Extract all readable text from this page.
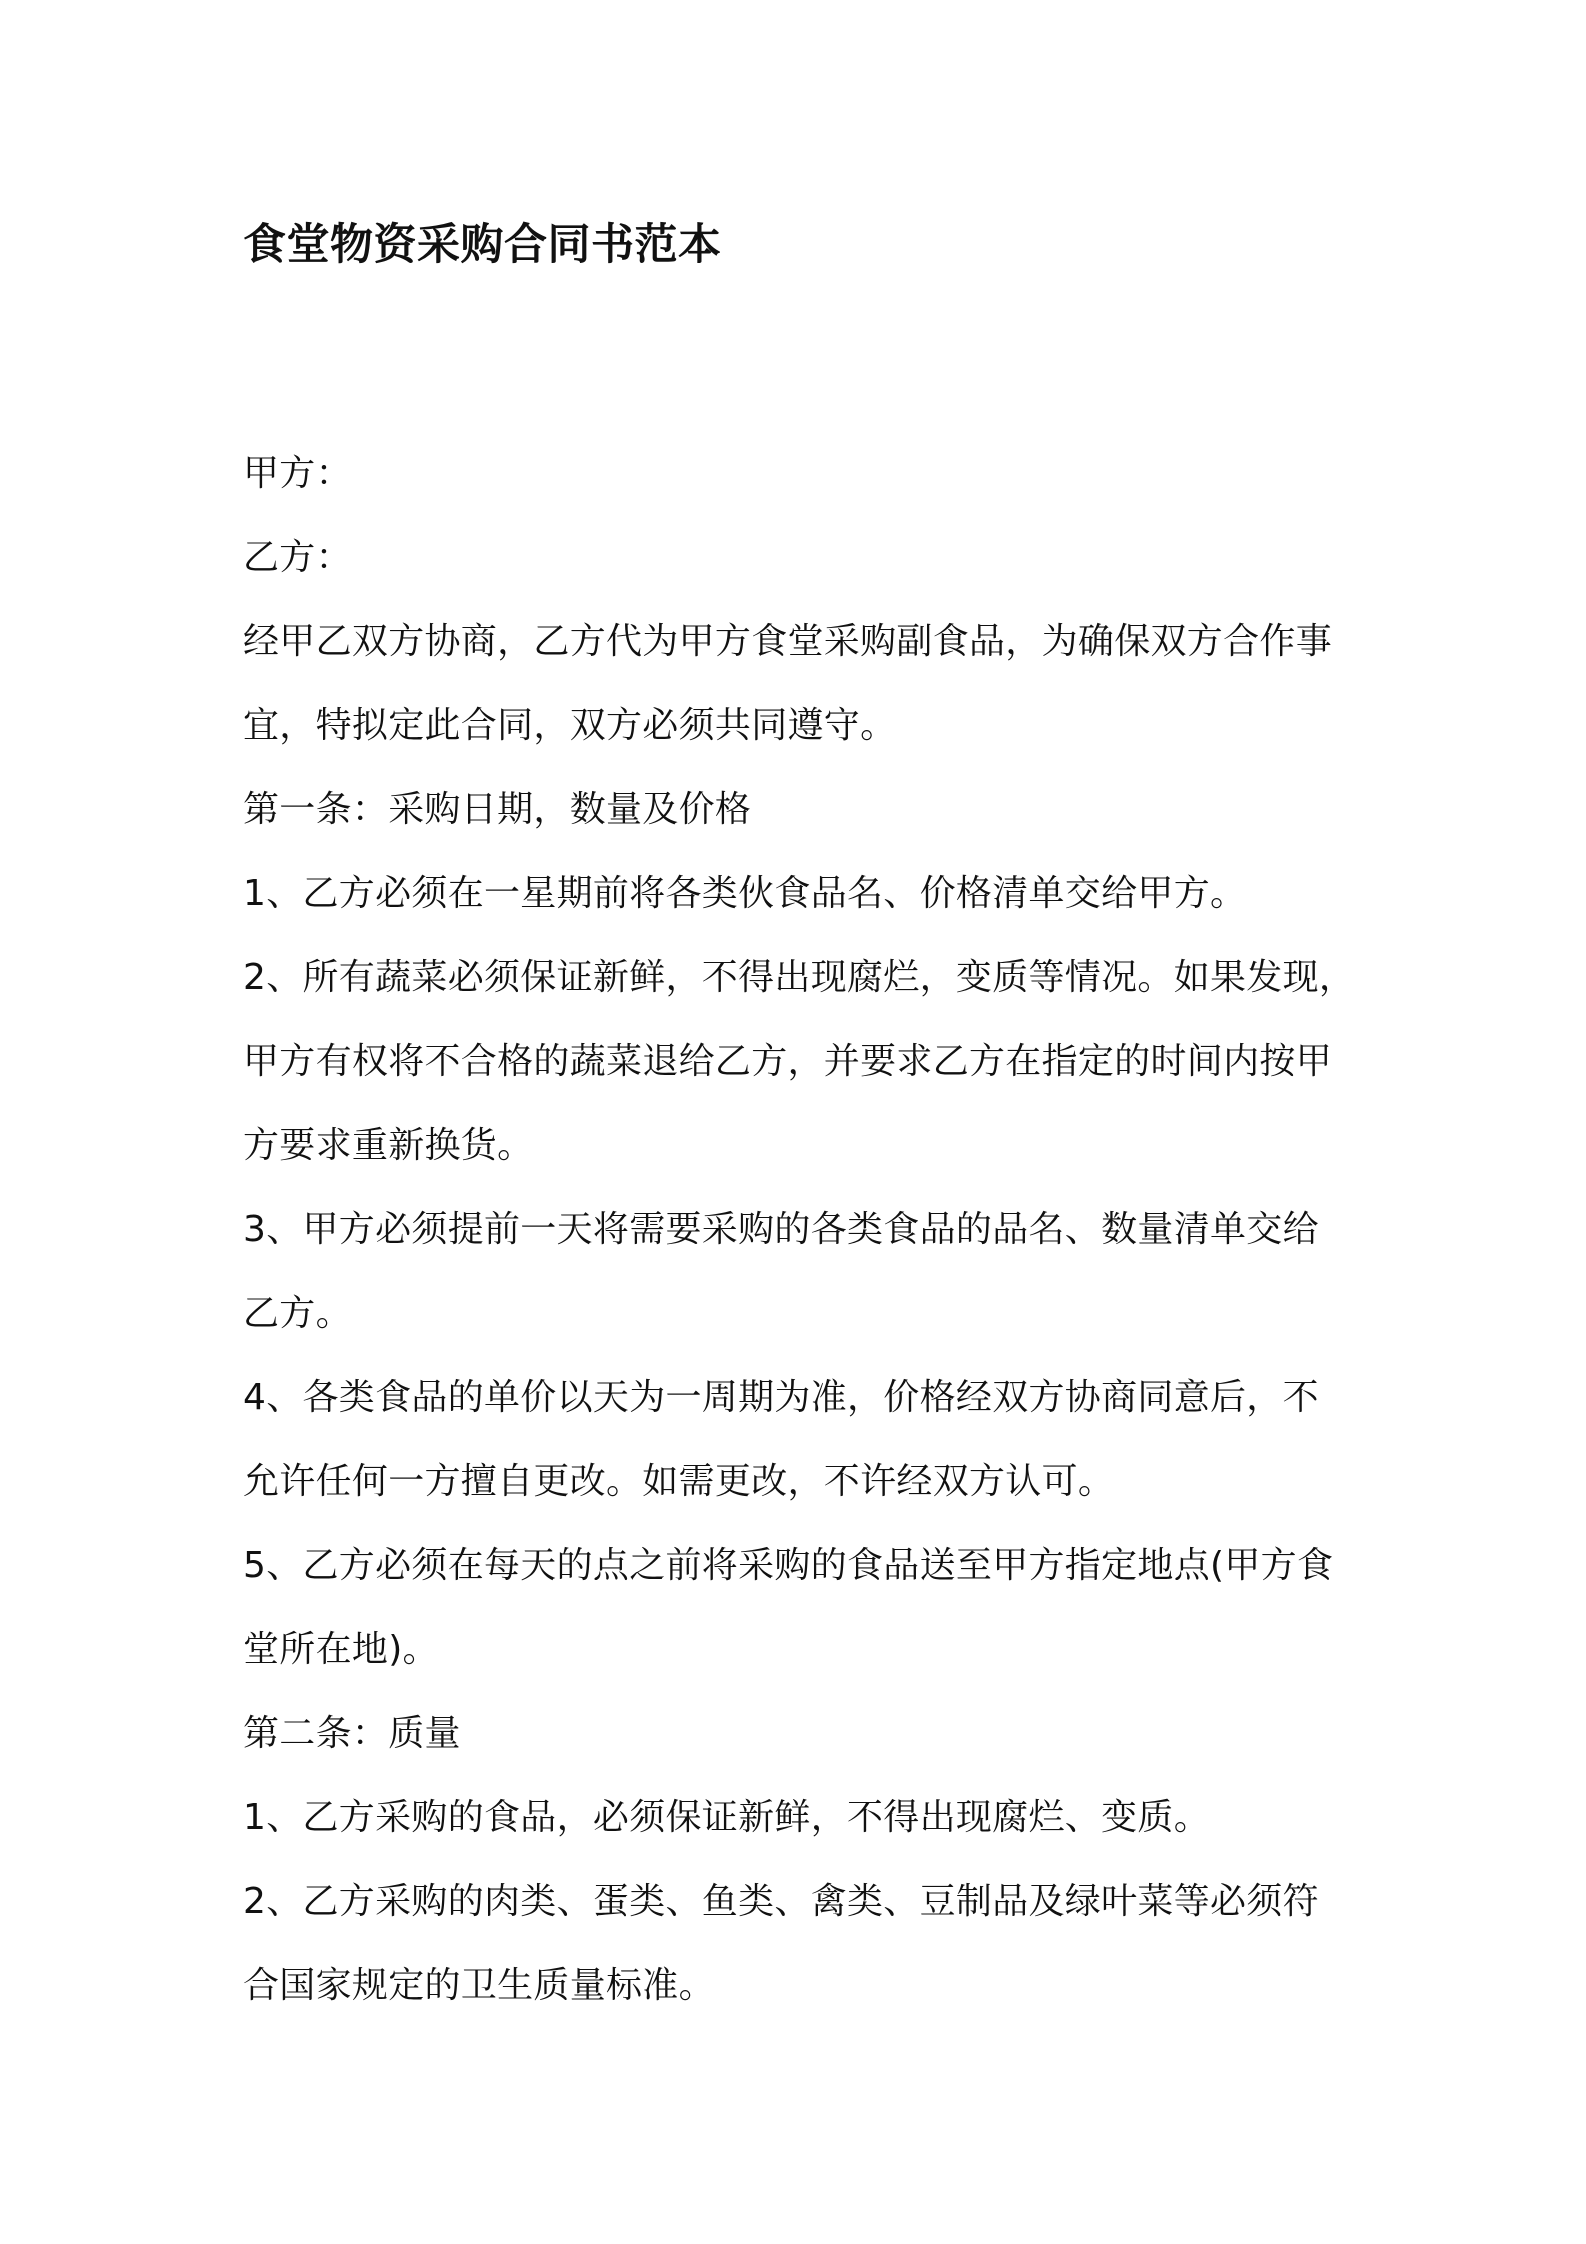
食堂物资采购合同书范本

甲方：

乙方：

经甲乙双方协商，乙方代为甲方食堂采购副食品，为确保双方合作事

宜，特拟定此合同，双方必须共同遵守。

第一条：采购日期，数量及价格

1、乙方必须在一星期前将各类伙食品名、价格清单交给甲方。

2、所有蔬菜必须保证新鲜，不得出现腐烂，变质等情况。如果发现，

甲方有权将不合格的蔬菜退给乙方，并要求乙方在指定的时间内按甲

方要求重新换货。

3、甲方必须提前一天将需要采购的各类食品的品名、数量清单交给

乙方。

4、各类食品的单价以天为一周期为准，价格经双方协商同意后，不

允许任何一方擅自更改。如需更改，不许经双方认可。

5、乙方必须在每天的点之前将采购的食品送至甲方指定地点(甲方食

堂所在地)。

第二条：质量

1、乙方采购的食品，必须保证新鲜，不得出现腐烂、变质。

2、乙方采购的肉类、蛋类、鱼类、禽类、豆制品及绿叶菜等必须符

合国家规定的卫生质量标准。
